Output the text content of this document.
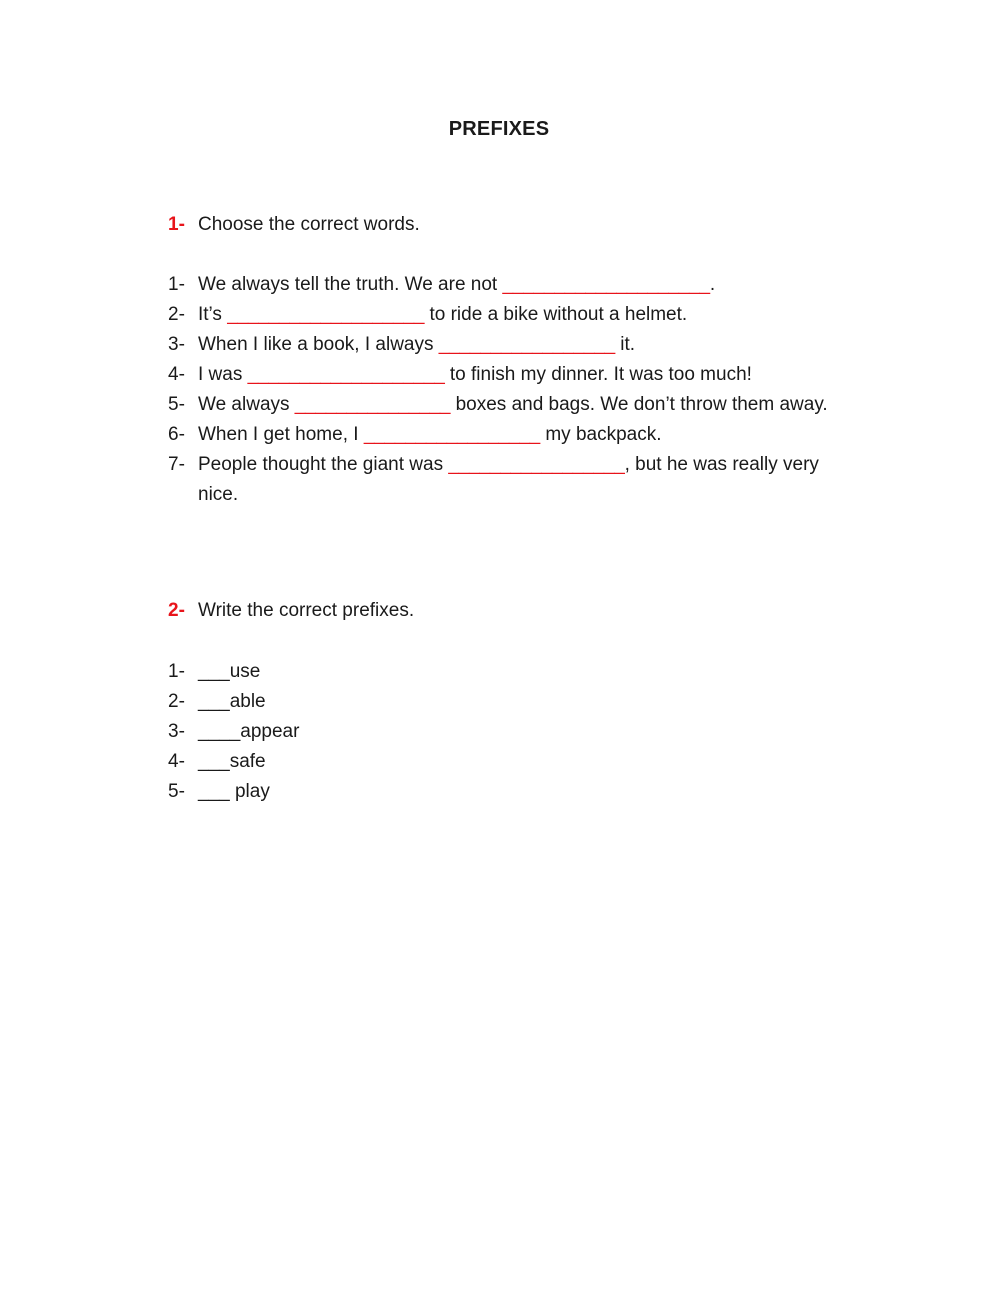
PREFIXES
1- Choose the correct words.
1- We always tell the truth. We are not ____________________.
2- It’s ___________________ to ride a bike without a helmet.
3- When I like a book, I always _________________ it.
4- I was ___________________ to finish my dinner. It was too much!
5- We always _______________ boxes and bags. We don’t throw them away.
6- When I get home, I _________________ my backpack.
7- People thought the giant was _________________, but he was really very nice.
2- Write the correct prefixes.
1- ___use
2- ___able
3- ____appear
4- ___safe
5- ___ play
